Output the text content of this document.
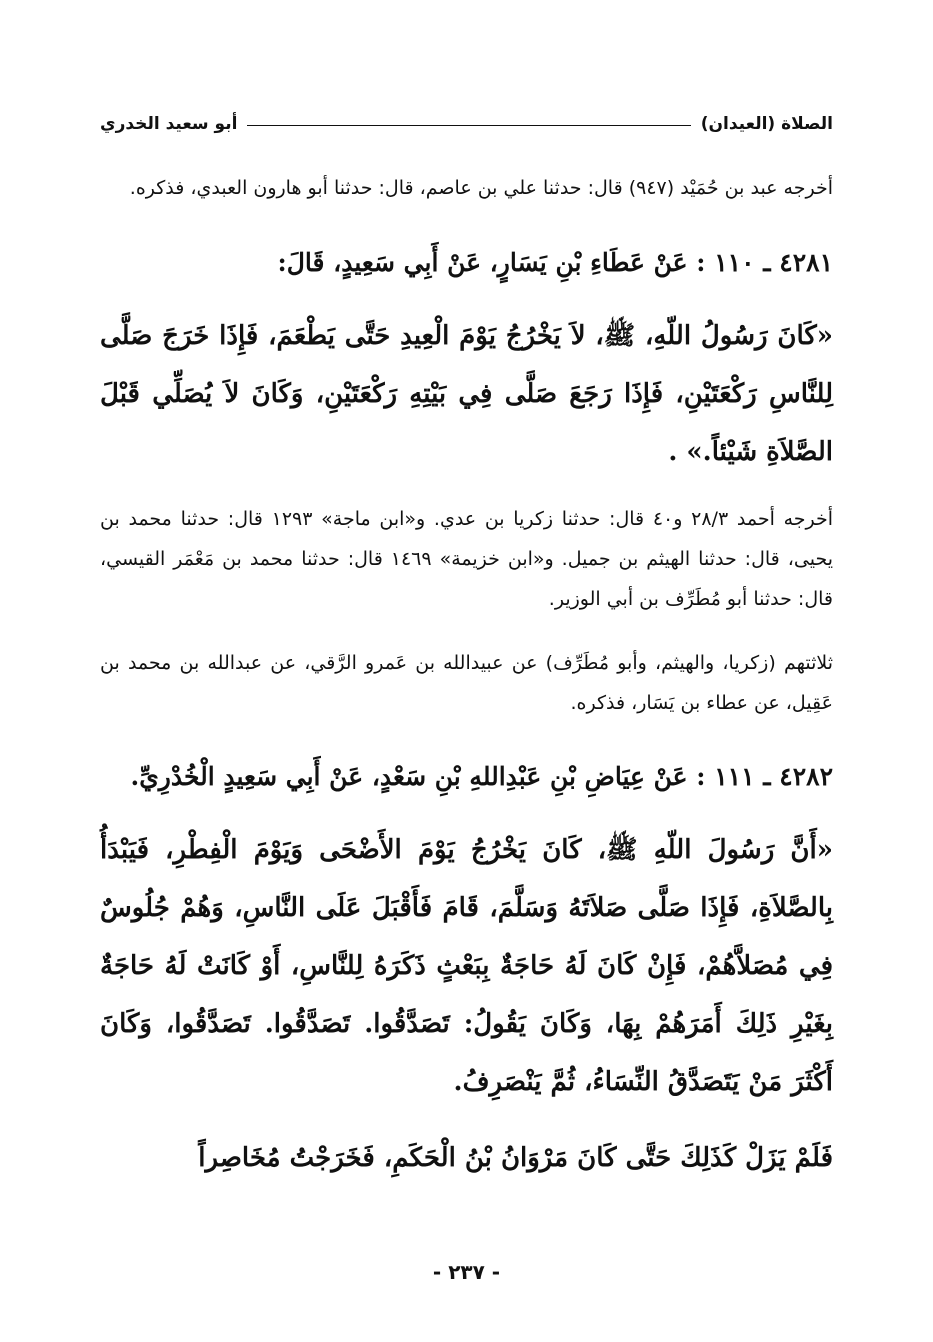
الصلاة (العيدان)
أبو سعيد الخدري

أخرجه عبد بن حُمَيْد (٩٤٧) قال: حدثنا علي بن عاصم، قال: حدثنا أبو هارون العبدي، فذكره.

٤٢٨١ ـ ١١٠ : عَنْ عَطَاءِ بْنِ يَسَارٍ، عَنْ أَبِي سَعِيدٍ، قَالَ:

«كَانَ رَسُولُ اللّهِ، ﷺ، لاَ يَخْرُجُ يَوْمَ الْعِيدِ حَتَّى يَطْعَمَ، فَإِذَا خَرَجَ صَلَّى لِلنَّاسِ رَكْعَتَيْنِ، فَإِذَا رَجَعَ صَلَّى فِي بَيْتِهِ رَكْعَتَيْنِ، وَكَانَ لاَ يُصَلِّي قَبْلَ الصَّلاَةِ شَيْئاً.» .

أخرجه أحمد ٢٨/٣ و٤٠ قال: حدثنا زكريا بن عدي. و«ابن ماجة» ١٢٩٣ قال: حدثنا محمد بن يحيى، قال: حدثنا الهيثم بن جميل. و«ابن خزيمة» ١٤٦٩ قال: حدثنا محمد بن مَعْمَر القيسي، قال: حدثنا أبو مُطَرِّف بن أبي الوزير.

ثلاثتهم (زكريا، والهيثم، وأبو مُطَرِّف) عن عبيدالله بن عَمرو الرَّقي، عن عبدالله بن محمد بن عَقِيل، عن عطاء بن يَسَار، فذكره.

٤٢٨٢ ـ ١١١ : عَنْ عِيَاضِ بْنِ عَبْدِاللهِ بْنِ سَعْدٍ، عَنْ أَبِي سَعِيدٍ الْخُدْرِيِّ.

«أَنَّ رَسُولَ اللّهِ ﷺ، كَانَ يَخْرُجُ يَوْمَ الأَضْحَى وَيَوْمَ الْفِطْرِ، فَيَبْدَأُ بِالصَّلاَةِ، فَإِذَا صَلَّى صَلاَتَهُ وَسَلَّمَ، قَامَ فَأَقْبَلَ عَلَى النَّاسِ، وَهُمْ جُلُوسٌ فِي مُصَلاَّهُمْ، فَإِنْ كَانَ لَهُ حَاجَةٌ بِبَعْثٍ ذَكَرَهُ لِلنَّاسِ، أَوْ كَانَتْ لَهُ حَاجَةٌ بِغَيْرِ ذَلِكَ أَمَرَهُمْ بِهَا، وَكَانَ يَقُولُ: تَصَدَّقُوا. تَصَدَّقُوا. تَصَدَّقُوا، وَكَانَ أَكْثَرَ مَنْ يَتَصَدَّقُ النِّسَاءُ، ثُمَّ يَنْصَرِفُ.

فَلَمْ يَزَلْ كَذَلِكَ حَتَّى كَانَ مَرْوَانُ بْنُ الْحَكَمِ، فَخَرَجْتُ مُخَاصِراً

- ٢٣٧ -
